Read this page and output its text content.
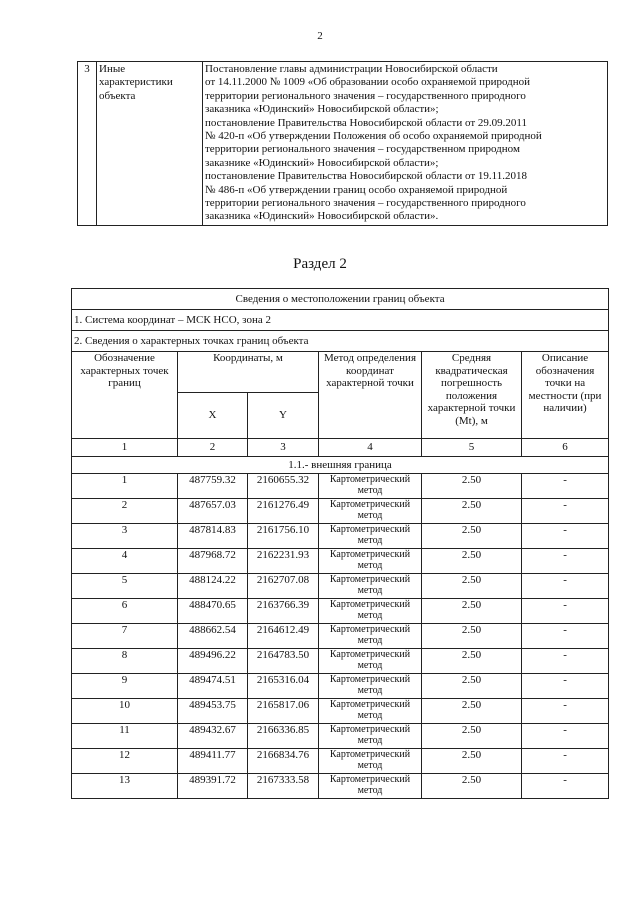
2
3	Иные
характеристики
объекта

Постановление главы администрации Новосибирской области
от 14.11.2000 № 1009 «Об образовании особо охраняемой природной
территории регионального значения – государственного природного
заказника «Юдинский» Новосибирской области»;
постановление Правительства Новосибирской области от 29.09.2011
№ 420-п «Об утверждении Положения об особо охраняемой природной
территории регионального значения – государственном природном
заказнике «Юдинский» Новосибирской области»;
постановление Правительства Новосибирской области от 19.11.2018
№ 486-п «Об утверждении границ особо охраняемой природной
территории регионального значения – государственного природного
заказника «Юдинский» Новосибирской области».
Раздел 2
Сведения о местоположении границ объекта					
1. Система координат – МСК НСО, зона 2					
2. Сведения о характерных точках границ объекта					
Обозначение характерных точек границ	Координаты, м		Метод определения координат характерной точки	Средняя квадратическая погрешность положения характерной точки (Mt), м	Описание обозначения точки на местности (при наличии)
	X	Y			
1	2	3	4	5	6
1.1.- внешняя граница					
1	487759.32	2160655.32	Картометрический метод	2.50	-
2	487657.03	2161276.49	Картометрический метод	2.50	-
3	487814.83	2161756.10	Картометрический метод	2.50	-
4	487968.72	2162231.93	Картометрический метод	2.50	-
5	488124.22	2162707.08	Картометрический метод	2.50	-
6	488470.65	2163766.39	Картометрический метод	2.50	-
7	488662.54	2164612.49	Картометрический метод	2.50	-
8	489496.22	2164783.50	Картометрический метод	2.50	-
9	489474.51	2165316.04	Картометрический метод	2.50	-
10	489453.75	2165817.06	Картометрический метод	2.50	-
11	489432.67	2166336.85	Картометрический метод	2.50	-
12	489411.77	2166834.76	Картометрический метод	2.50	-
13	489391.72	2167333.58	Картометрический метод	2.50	-
